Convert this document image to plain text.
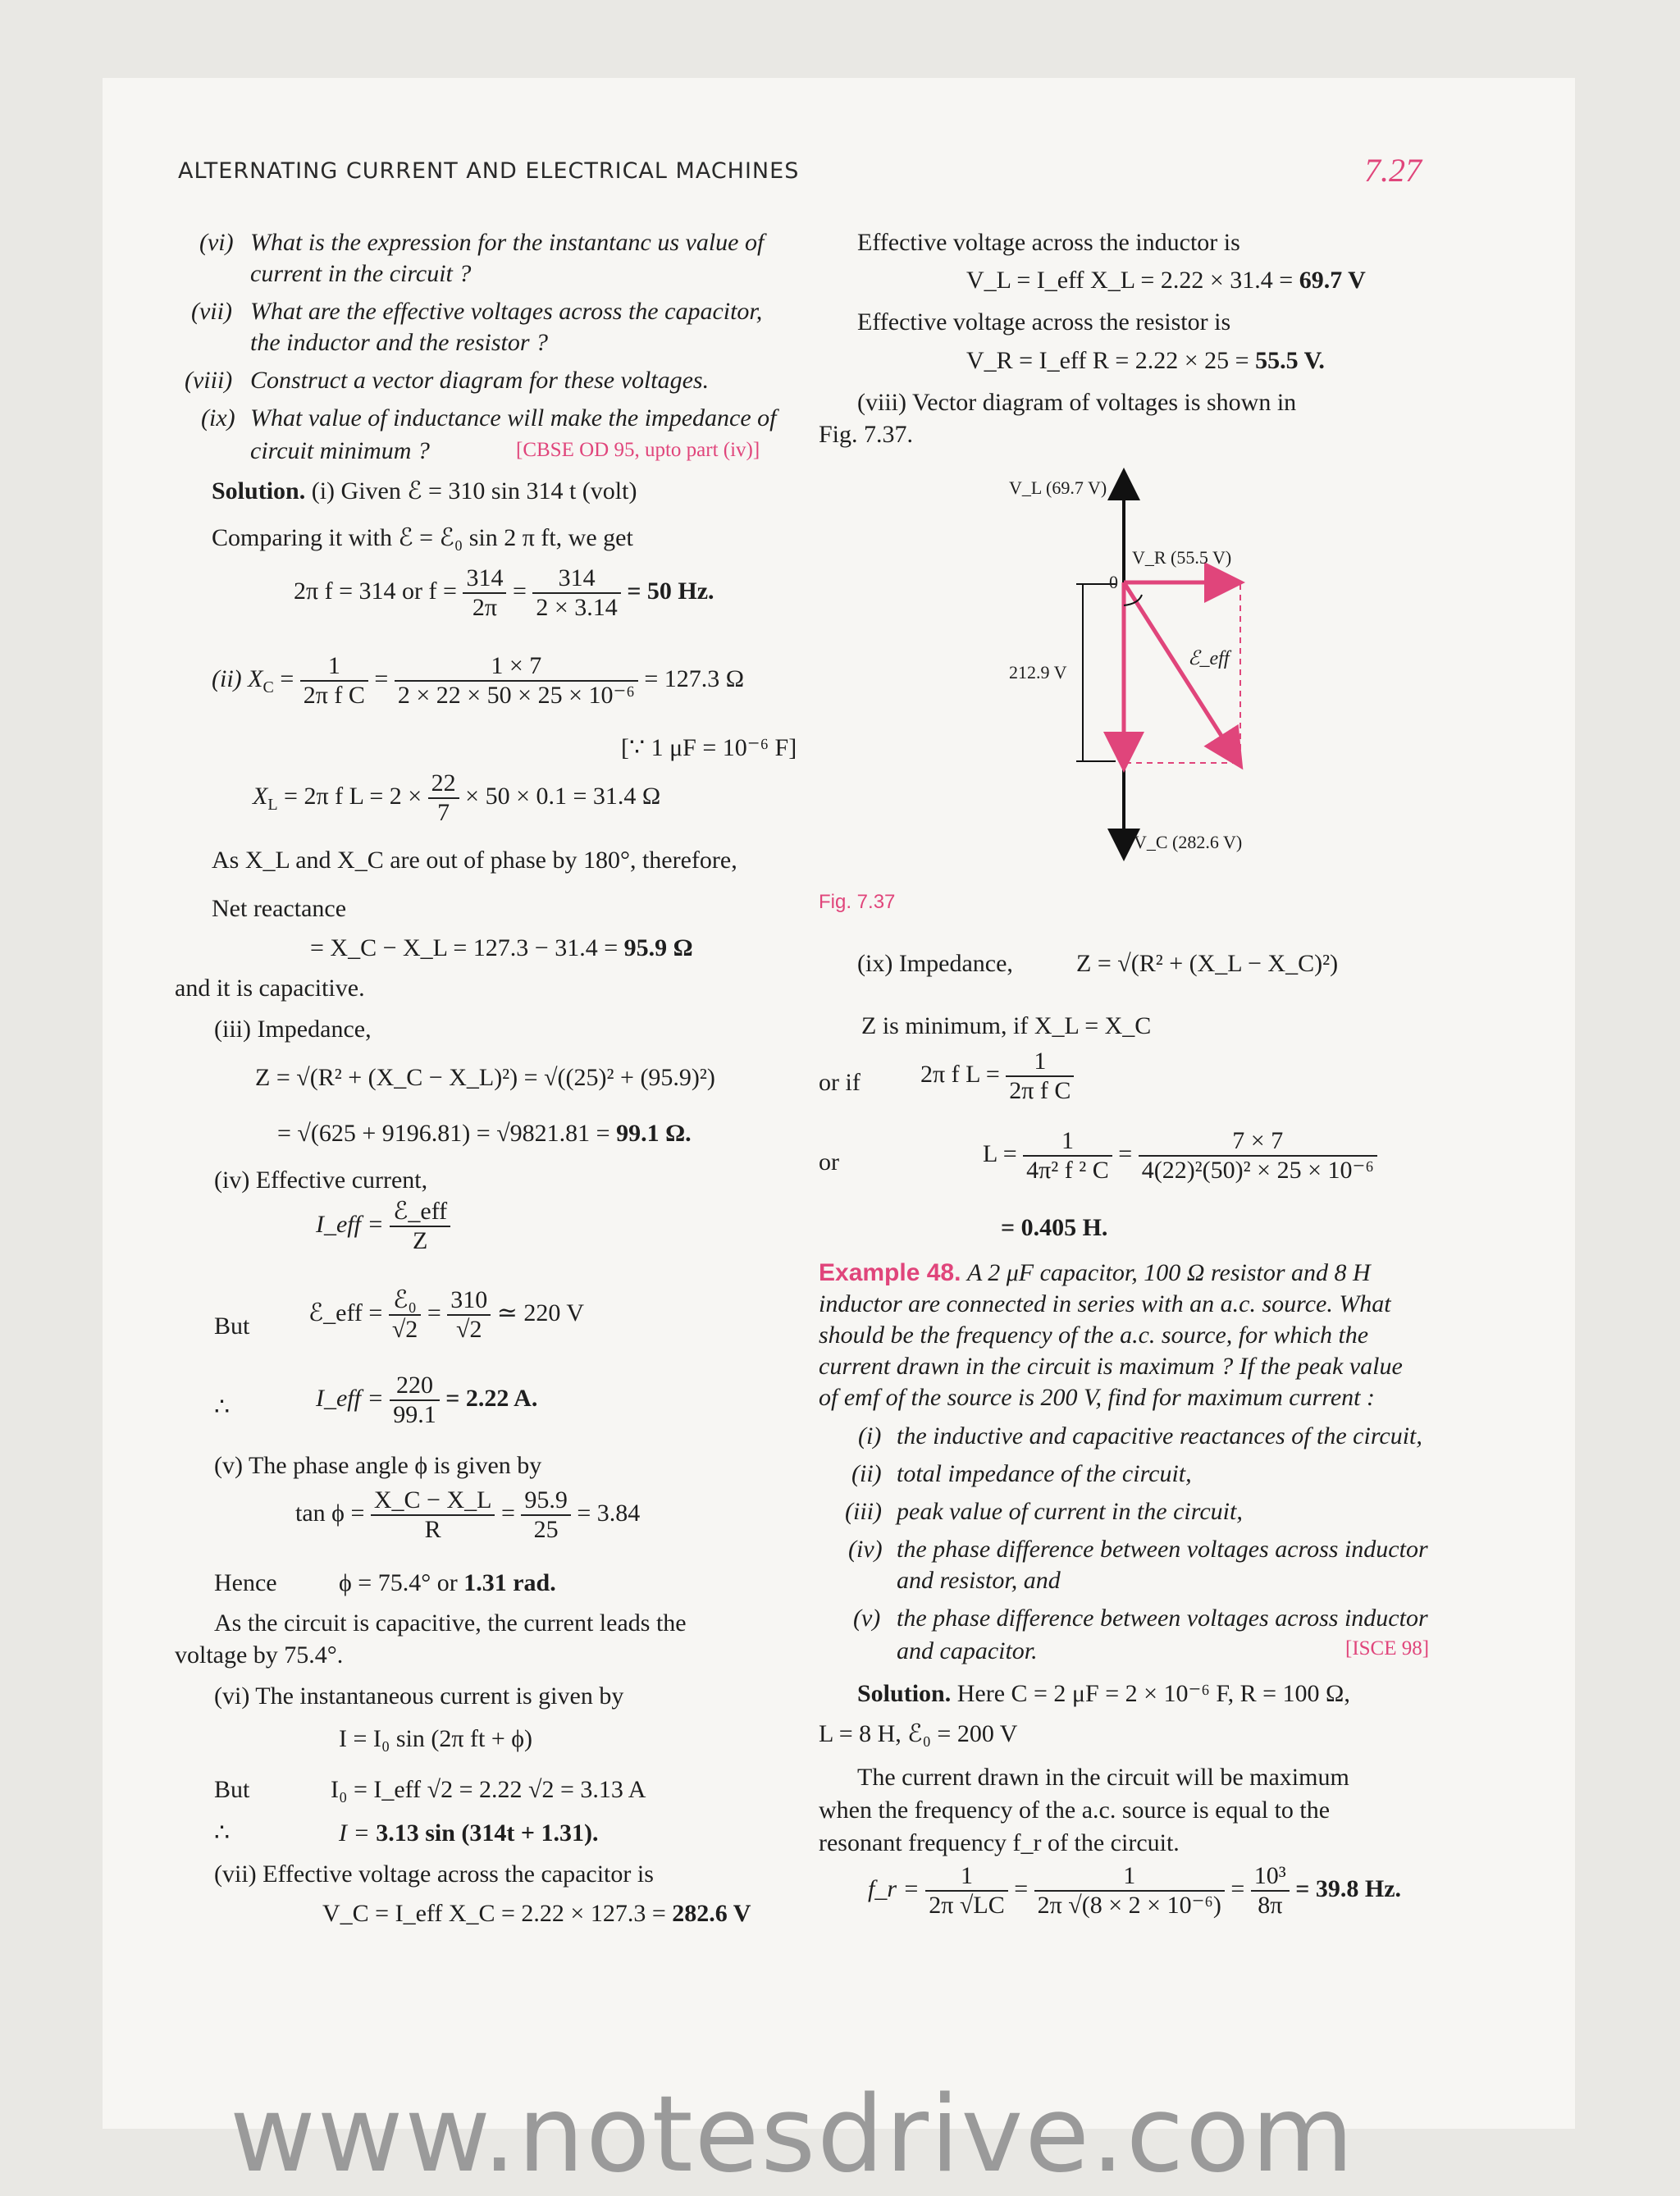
ALTERNATING CURRENT AND ELECTRICAL MACHINES	7.27
(vi) What is the expression for the instantanc us value of
current in the circuit ?
(vii) What are the effective voltages across the capacitor,
the inductor and the resistor ?
(viii) Construct a vector diagram for these voltages.
(ix) What value of inductance will make the impedance of
circuit minimum ?	[CBSE OD 95, upto part (iv)]
Solution. (i) Given ℰ = 310 sin 314 t (volt)
Comparing it with ℰ = ℰ₀ sin 2 π ft, we get
2π f = 314 or $f = \frac{314}{2\pi} = \frac{314}{2 \times 3.14} = 50$ Hz.
(ii) $X_C = \frac{1}{\text{2π f C}} = \frac{1 \times 7}{\text{2 × 22 × 50 × 25 × 10⁻⁶}} = 127.3$ Ω
[∵ 1 μF = 10⁻⁶ F]
$X_L = 2\pi$ f $L = 2 \times \frac{22}{7} \times 50 \times 0.1 = 31.4$ Ω
As X_L and X_C are out of phase by 180°, therefore,
Net reactance
= X_C − X_L = 127.3 − 31.4 = 95.9 Ω
and it is capacitive.
(iii) Impedance,
Z = √(R² + (X_C − X_L)²) = √((25)² + (95.9)²)
= √(625 + 9196.81) = √9821.81 = 99.1 Ω.
(iv) Effective current,
I_eff = $\frac{\text{ℰ\_eff}}{Z}$
But ℰ_eff = $\frac{\text{ℰ₀}}{√2} = \frac{310}{√2}$ ≃ 220 V
∴	I_eff = $\frac{220}{99.1} = 2.22$ A.
(v) The phase angle ϕ is given by
$\tan \phi = \frac{X\_C - X\_L}{R} = \frac{95.9}{25} = 3.84$
Hence	ϕ = 75.4° or 1.31 rad.
As the circuit is capacitive, the current leads the
voltage by 75.4°.
(vi) The instantaneous current is given by
I = I₀ sin (2π ft + ϕ)
But	I₀ = I_eff √2 = 2.22 √2 = 3.13 A
∴	I = 3.13 sin (314t + 1.31).
(vii) Effective voltage across the capacitor is
V_C = I_eff X_C = 2.22 × 127.3 = 282.6 V
Effective voltage across the inductor is
V_L = I_eff X_L = 2.22 × 31.4 = 69.7 V
Effective voltage across the resistor is
V_R = I_eff R = 2.22 × 25 = 55.5 V.
(viii) Vector diagram of voltages is shown in
Fig. 7.37.
V_L (69.7 V)
V_R (55.5 V)
0
212.9 V
ℰ_eff
V_C (282.6 V)
Fig. 7.37
(ix) Impedance,	Z = √(R² + (X_L − X_C)²)
Z is minimum, if X_L = X_C
or if 2π f $L = \frac{1}{\text{2π f C}}$
or	$L = \frac{1}{\text{4π² f ² C}} = \frac{7 \times 7}{\text{4(22)²(50)² × 25 × 10⁻⁶}}$
= 0.405 H.
Example 48. A 2 μF capacitor, 100 Ω resistor and 8 H
inductor are connected in series with an a.c. source. What
should be the frequency of the a.c. source, for which the
current drawn in the circuit is maximum ? If the peak value
of emf of the source is 200 V, find for maximum current :
(i) the inductive and capacitive reactances of the circuit,
(ii) total impedance of the circuit,
(iii) peak value of current in the circuit,
(iv) the phase difference between voltages across inductor
and resistor, and
(v) the phase difference between voltages across inductor
and capacitor.	[ISCE 98]
Solution. Here C = 2 μF = 2 × 10⁻⁶ F, R = 100 Ω,
L = 8 H, ℰ₀ = 200 V
The current drawn in the circuit will be maximum
when the frequency of the a.c. source is equal to the
resonant frequency f_r of the circuit.
f_r = $\frac{1}{2\pi √LC} = \frac{1}{\text{2π √(8 × 2 × 10⁻⁶)}} = \frac{\text{10³}}{8\pi} = 39.8$ Hz.
www.notesdrive.com
